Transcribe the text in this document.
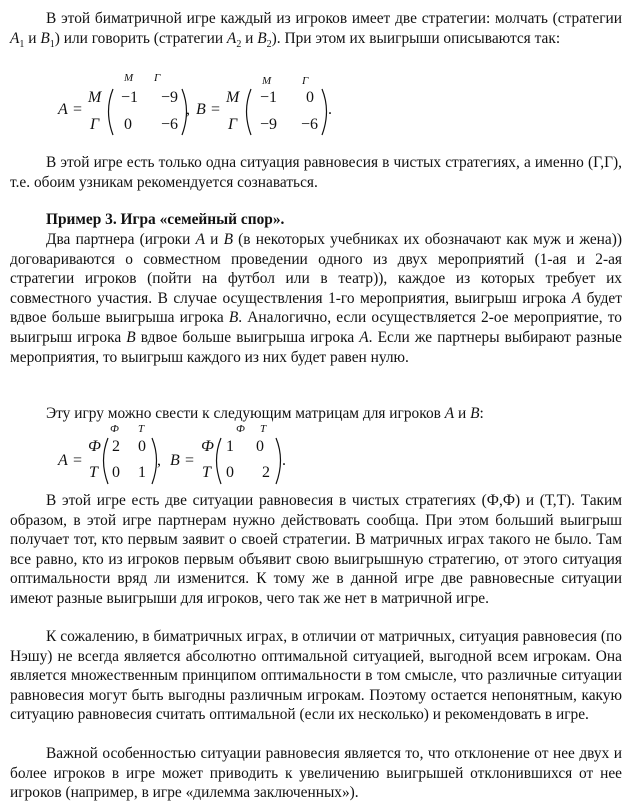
В этой биматричной игре каждый из игроков имеет две стратегии: молчать (стратегии $A_1$ и $B_1$) или говорить (стратегии $A_2$ и $B_2$). При этом их выигрыши описываются так:

A =
М Г
М
Г
−1	−9
0	−6
, B =
М	Г
М
Г
−1	0
−9	−6
.

В этой игре есть только одна ситуация равновесия в чистых стратегиях, а именно (Г,Г), т.е. обоим узникам рекомендуется сознаваться.

Пример 3. Игра «семейный спор».

Два партнера (игроки A и B (в некоторых учебниках их обозначают как муж и жена)) договариваются о совместном проведении одного из двух мероприятий (1-ая и 2-ая стратегии игроков (пойти на футбол или в театр)), каждое из которых требует их совместного участия. В случае осуществления 1-го мероприятия, выигрыш игрока A будет вдвое больше выигрыша игрока B. Аналогично, если осуществляется 2-ое мероприятие, то выигрыш игрока B вдвое больше выигрыша игрока A. Если же партнеры выбирают разные мероприятия, то выигрыш каждого из них будет равен нулю.

Эту игру можно свести к следующим матрицам для игроков A и B:

A =
Ф Т
Ф
Т
2 0
0 1
, B =
Ф Т
Ф
Т
1 0
0 2
.

В этой игре есть две ситуации равновесия в чистых стратегиях (Ф,Ф) и (Т,Т). Таким образом, в этой игре партнерам нужно действовать сообща. При этом больший выигрыш получает тот, кто первым заявит о своей стратегии. В матричных играх такого не было. Там все равно, кто из игроков первым объявит свою выигрышную стратегию, от этого ситуация оптимальности вряд ли изменится. К тому же в данной игре две равновесные ситуации имеют разные выигрыши для игроков, чего так же нет в матричной игре.

К сожалению, в биматричных играх, в отличии от матричных, ситуация равновесия (по Нэшу) не всегда является абсолютно оптимальной ситуацией, выгодной всем игрокам. Она является множественным принципом оптимальности в том смысле, что различные ситуации равновесия могут быть выгодны различным игрокам. Поэтому остается непонятным, какую ситуацию равновесия считать оптимальной (если их несколько) и рекомендовать в игре.

Важной особенностью ситуации равновесия является то, что отклонение от нее двух и более игроков в игре может приводить к увеличению выигрышей отклонившихся от нее игроков (например, в игре «дилемма заключенных»).
